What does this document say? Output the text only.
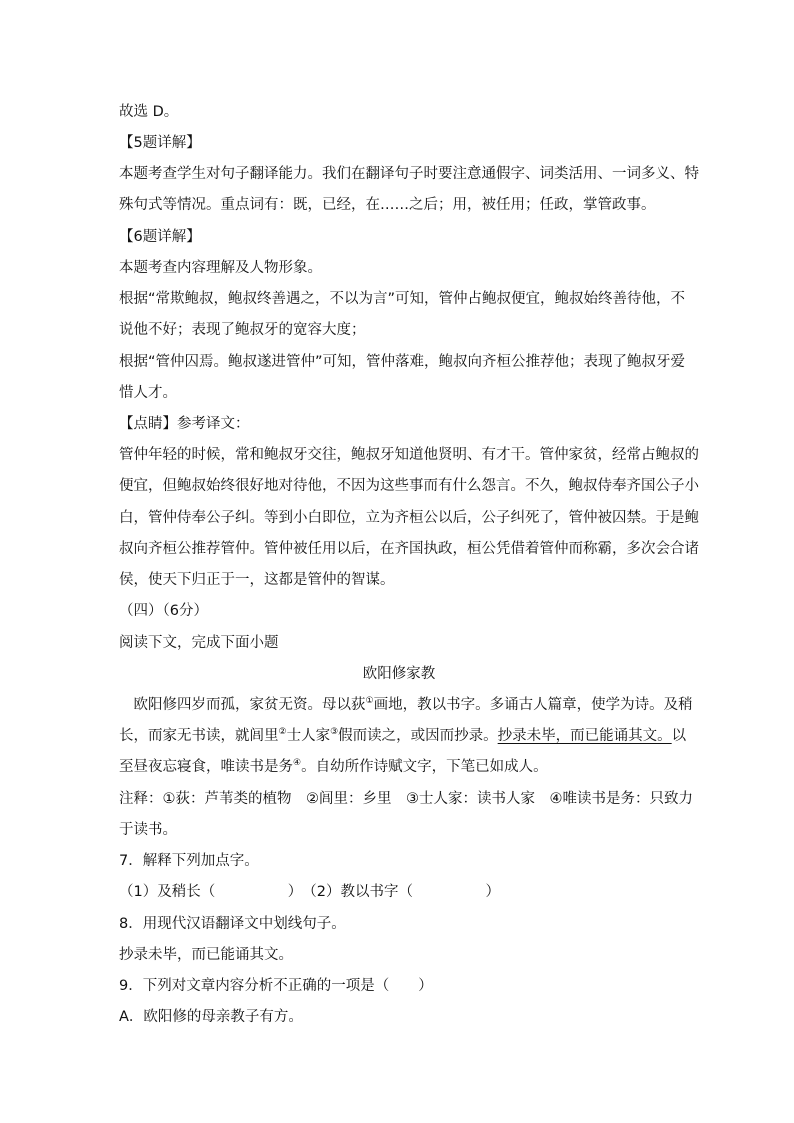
故选 D。
【5题详解】
本题考查学生对句子翻译能力。我们在翻译句子时要注意通假字、词类活用、一词多义、特
殊句式等情况。重点词有：既，已经，在……之后；用，被任用；任政，掌管政事。
【6题详解】
本题考查内容理解及人物形象。
根据“常欺鲍叔，鲍叔终善遇之，不以为言”可知，管仲占鲍叔便宜，鲍叔始终善待他，不
说他不好；表现了鲍叔牙的宽容大度；
根据“管仲囚焉。鲍叔遂进管仲”可知，管仲落难，鲍叔向齐桓公推荐他；表现了鲍叔牙爱
惜人才。
【点睛】参考译文：
管仲年轻的时候，常和鲍叔牙交往，鲍叔牙知道他贤明、有才干。管仲家贫，经常占鲍叔的
便宜，但鲍叔始终很好地对待他，不因为这些事而有什么怨言。不久，鲍叔侍奉齐国公子小
白，管仲侍奉公子纠。等到小白即位，立为齐桓公以后，公子纠死了，管仲被囚禁。于是鲍
叔向齐桓公推荐管仲。管仲被任用以后，在齐国执政，桓公凭借着管仲而称霸，多次会合诸
侯，使天下归正于一，这都是管仲的智谋。
（四）（6分）
阅读下文，完成下面小题
欧阳修家教
　欧阳修四岁而孤，家贫无资。母以荻①画地，教以书字。多诵古人篇章，使学为诗。及稍
长，而家无书读，就闾里②士人家③假而读之，或因而抄录。抄录未毕，而已能诵其文。以
至昼夜忘寝食，唯读书是务④。自幼所作诗赋文字，下笔已如成人。
注释：①荻：芦苇类的植物　②闾里：乡里　③士人家：读书人家　④唯读书是务：只致力
于读书。
7．解释下列加点字。
（1）及稍长（　　　　　）　（2）教以书字（　　　　　）
8．用现代汉语翻译文中划线句子。
抄录未毕，而已能诵其文。
9．下列对文章内容分析不正确的一项是（　　）
A．欧阳修的母亲教子有方。
